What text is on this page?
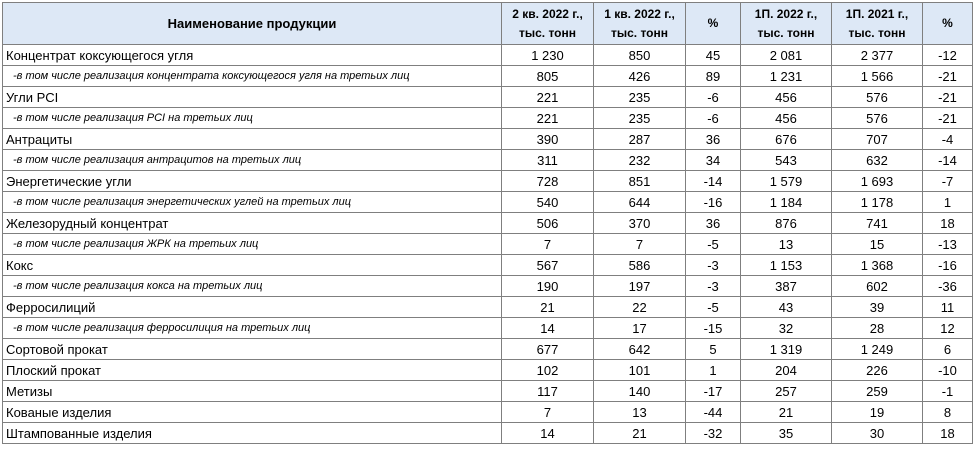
Наименование продукции	2 кв. 2022 г., тыс. тонн	1 кв. 2022 г., тыс. тонн	%	1П. 2022 г., тыс. тонн	1П. 2021 г., тыс. тонн	%
Концентрат коксующегося угля	1 230	850	45	2 081	2 377	-12
-в том числе реализация концентрата коксующегося угля на третьих лиц	805	426	89	1 231	1 566	-21
Угли PCI	221	235	-6	456	576	-21
-в том числе реализация PCI на третьих лиц	221	235	-6	456	576	-21
Антрациты	390	287	36	676	707	-4
-в том числе реализация антрацитов на третьих лиц	311	232	34	543	632	-14
Энергетические угли	728	851	-14	1 579	1 693	-7
-в том числе реализация энергетических углей на третьих лиц	540	644	-16	1 184	1 178	1
Железорудный концентрат	506	370	36	876	741	18
-в том числе реализация ЖРК на третьих лиц	7	7	-5	13	15	-13
Кокс	567	586	-3	1 153	1 368	-16
-в том числе реализация кокса на третьих лиц	190	197	-3	387	602	-36
Ферросилиций	21	22	-5	43	39	11
-в том числе реализация ферросилиция на третьих лиц	14	17	-15	32	28	12
Сортовой прокат	677	642	5	1 319	1 249	6
Плоский прокат	102	101	1	204	226	-10
Метизы	117	140	-17	257	259	-1
Кованые изделия	7	13	-44	21	19	8
Штампованные изделия	14	21	-32	35	30	18
